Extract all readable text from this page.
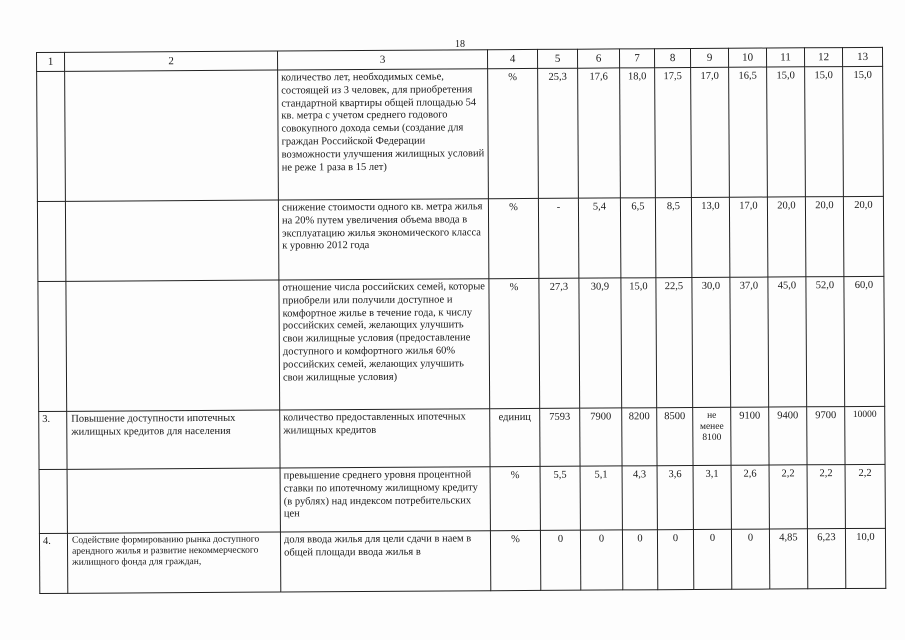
18
1	2	3	4	5	6	7	8	9	10	11	12	13
		количество лет, необходимых семье, состоящей из 3 человек, для приобретения стандартной квартиры общей площадью 54 кв. метра с учетом среднего годового совокупного дохода семьи (создание для граждан Российской Федерации возможности улучшения жилищных условий не реже 1 раза в 15 лет)	%	25,3	17,6	18,0	17,5	17,0	16,5	15,0	15,0	15,0
		снижение стоимости одного кв. метра жилья на 20% путем увеличения объема ввода в эксплуатацию жилья экономического класса к уровню 2012 года	%	-	5,4	6,5	8,5	13,0	17,0	20,0	20,0	20,0
		отношение числа российских семей, которые приобрели или получили доступное и комфортное жилье в течение года, к числу российских семей, желающих улучшить свои жилищные условия (предоставление доступного и комфортного жилья 60% российских семей, желающих улучшить свои жилищные условия)	%	27,3	30,9	15,0	22,5	30,0	37,0	45,0	52,0	60,0
3.	Повышение доступности ипотечных жилищных кредитов для населения	количество предоставленных ипотечных жилищных кредитов	единиц	7593	7900	8200	8500	не менее 8100	9100	9400	9700	10000
		превышение среднего уровня процентной ставки по ипотечному жилищному кредиту (в рублях) над индексом потребительских цен	%	5,5	5,1	4,3	3,6	3,1	2,6	2,2	2,2	2,2
4.	Содействие формированию рынка доступного арендного жилья и развитие некоммерческого жилищного фонда для граждан,	доля ввода жилья для цели сдачи в наем в общей площади ввода жилья в	%	0	0	0	0	0	0	4,85	6,23	10,0
